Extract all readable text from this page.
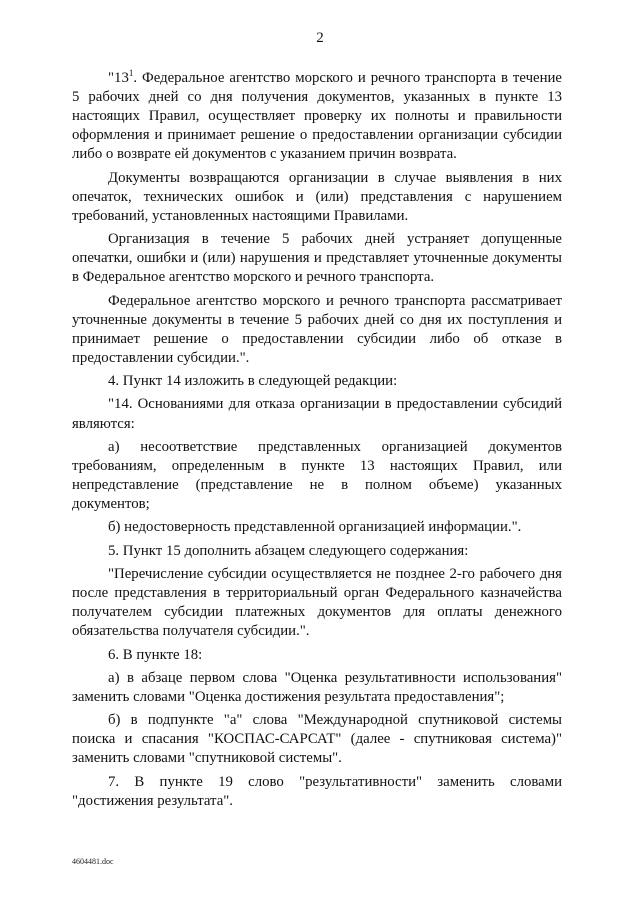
2

"$13^1$. Федеральное агентство морского и речного транспорта в течение 5 рабочих дней со дня получения документов, указанных в пункте 13 настоящих Правил, осуществляет проверку их полноты и правильности оформления и принимает решение о предоставлении организации субсидии либо о возврате ей документов с указанием причин возврата.

Документы возвращаются организации в случае выявления в них опечаток, технических ошибок и (или) представления с нарушением требований, установленных настоящими Правилами.

Организация в течение 5 рабочих дней устраняет допущенные опечатки, ошибки и (или) нарушения и представляет уточненные документы в Федеральное агентство морского и речного транспорта.

Федеральное агентство морского и речного транспорта рассматривает уточненные документы в течение 5 рабочих дней со дня их поступления и принимает решение о предоставлении субсидии либо об отказе в предоставлении субсидии.".

4. Пункт 14 изложить в следующей редакции:

"14. Основаниями для отказа организации в предоставлении субсидий являются:

а) несоответствие представленных организацией документов требованиям, определенным в пункте 13 настоящих Правил, или непредставление (представление не в полном объеме) указанных документов;

б) недостоверность представленной организацией информации.".

5. Пункт 15 дополнить абзацем следующего содержания:

"Перечисление субсидии осуществляется не позднее 2-го рабочего дня после представления в территориальный орган Федерального казначейства получателем субсидии платежных документов для оплаты денежного обязательства получателя субсидии.".

6. В пункте 18:

а) в абзаце первом слова "Оценка результативности использования" заменить словами "Оценка достижения результата предоставления";

б) в подпункте "а" слова "Международной спутниковой системы поиска и спасания "КОСПАС-САРСАТ" (далее - спутниковая система)" заменить словами "спутниковой системы".

7. В пункте 19 слово "результативности" заменить словами "достижения результата".

4604481.doc
